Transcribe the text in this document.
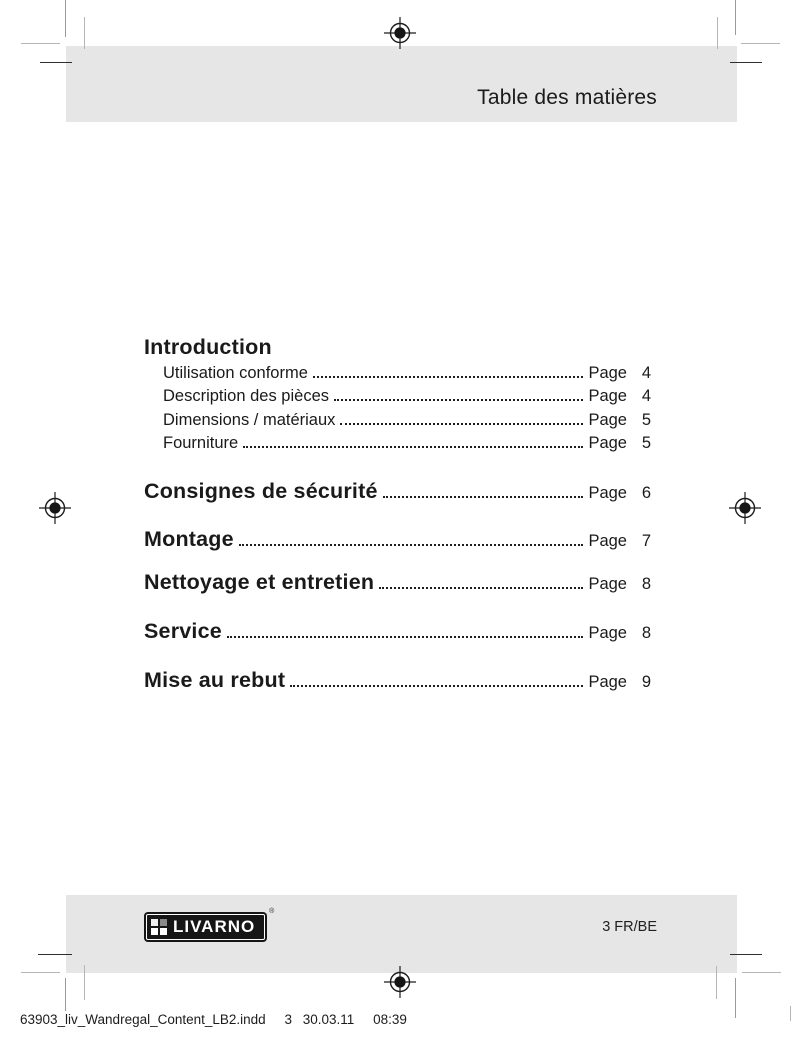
Table des matières
Introduction
Utilisation conforme	Page 4
Description des pièces	Page 4
Dimensions / matériaux	Page 5
Fourniture	Page 5
Consignes de sécurité	Page 6
Montage	Page 7
Nettoyage et entretien	Page 8
Service	Page 8
Mise au rebut	Page 9
LIVARNO
®
3 FR/BE
63903_liv_Wandregal_Content_LB2.indd 3 30.03.11 08:39
